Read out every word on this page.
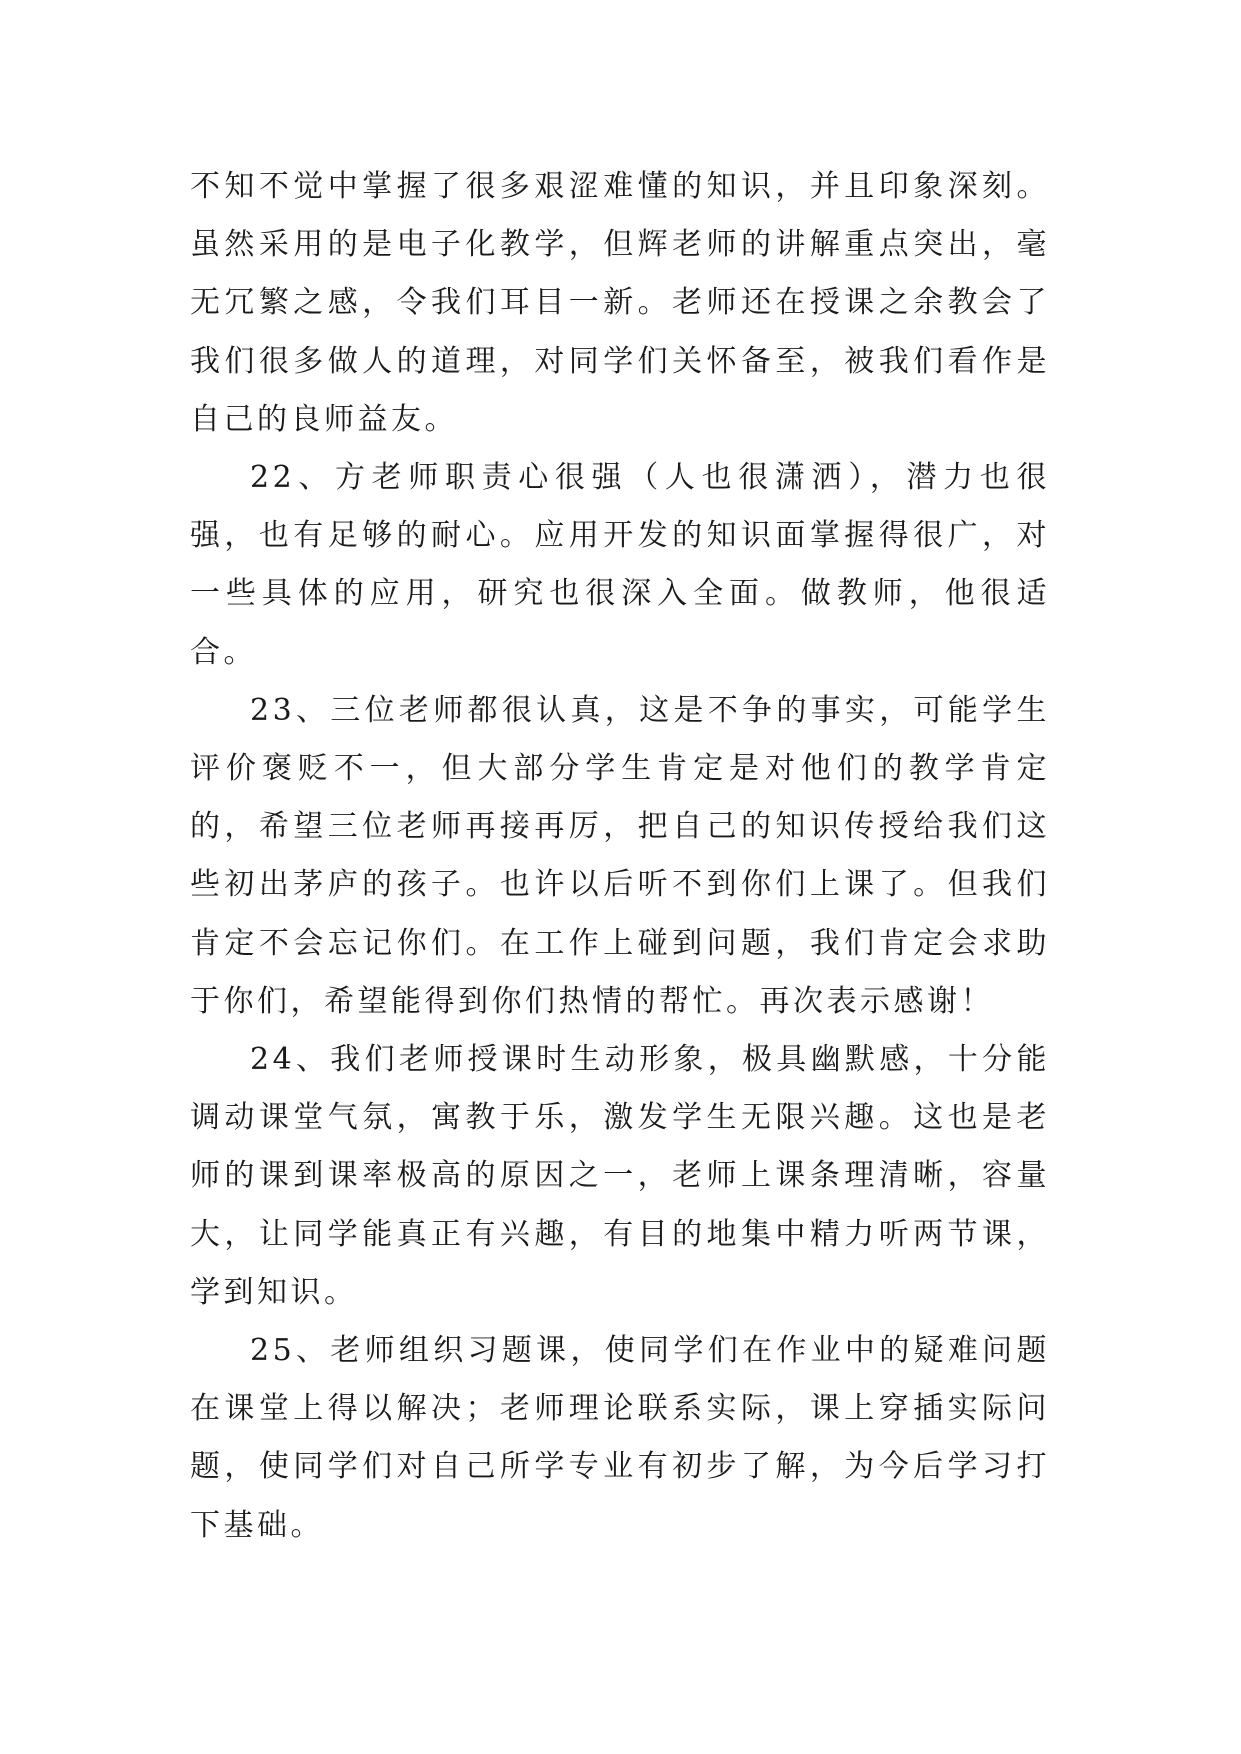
不知不觉中掌握了很多艰涩难懂的知识，并且印象深刻。虽然采用的是电子化教学，但辉老师的讲解重点突出，毫无冗繁之感，令我们耳目一新。老师还在授课之余教会了我们很多做人的道理，对同学们关怀备至，被我们看作是自己的良师益友。

22、方老师职责心很强（人也很潇洒），潜力也很强，也有足够的耐心。应用开发的知识面掌握得很广，对一些具体的应用，研究也很深入全面。做教师，他很适合。

23、三位老师都很认真，这是不争的事实，可能学生评价褒贬不一，但大部分学生肯定是对他们的教学肯定的，希望三位老师再接再厉，把自己的知识传授给我们这些初出茅庐的孩子。也许以后听不到你们上课了。但我们肯定不会忘记你们。在工作上碰到问题，我们肯定会求助于你们，希望能得到你们热情的帮忙。再次表示感谢！

24、我们老师授课时生动形象，极具幽默感，十分能调动课堂气氛，寓教于乐，激发学生无限兴趣。这也是老师的课到课率极高的原因之一，老师上课条理清晰，容量大，让同学能真正有兴趣，有目的地集中精力听两节课，学到知识。

25、老师组织习题课，使同学们在作业中的疑难问题在课堂上得以解决；老师理论联系实际，课上穿插实际问题，使同学们对自己所学专业有初步了解，为今后学习打下基础。
